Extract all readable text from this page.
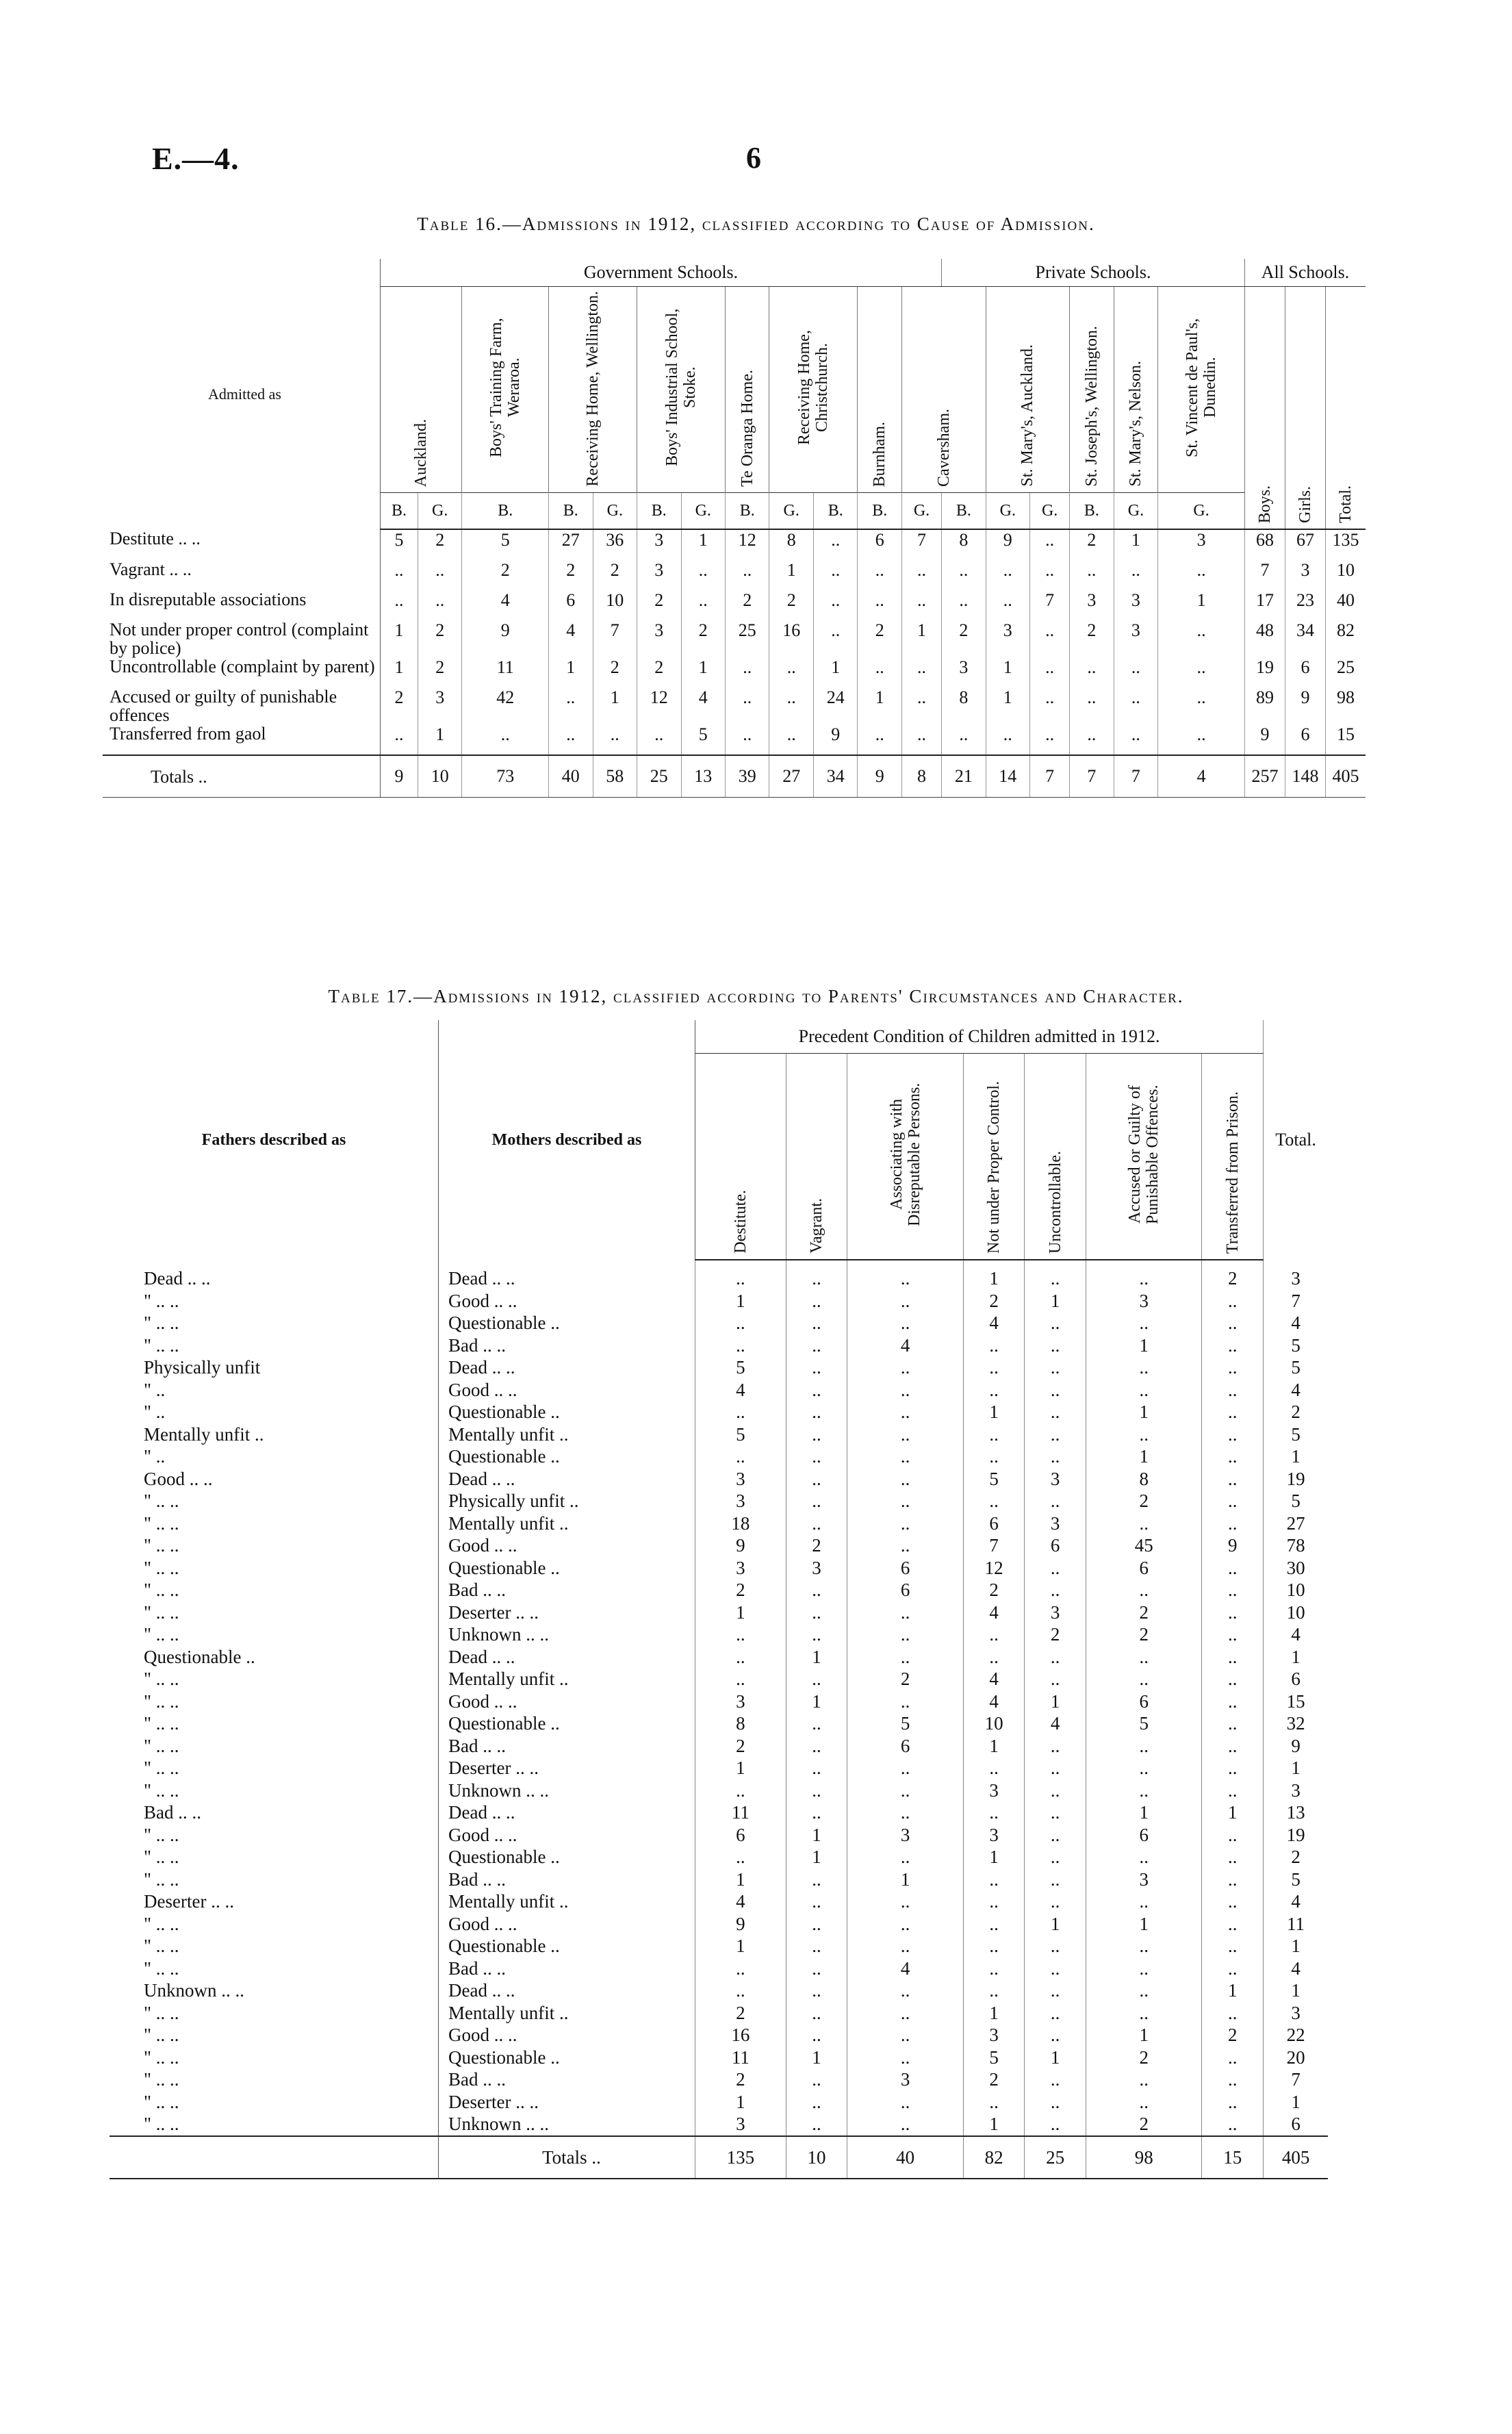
E.—4.	6
Table 16.—Admissions in 1912, classified according to Cause of Admission.
Admitted as	Government Schools.												Private Schools.						All Schools.		

	Auckland.		Boys' Training Farm, Weraroa.	Receiving Home, Wellington.		Boys' Industrial School, Stoke.		Te Oranga Home.	Receiving Home, Christchurch.		Burnham.	Caversham.		St. Mary's, Auckland.		St. Joseph's, Wellington.	St. Mary's, Nelson.	St. Vincent de Paul's, Dunedin.	Boys.	Girls.	Total.

	B.	G.	B.	B.	G.	B.	G.	B.	G.	B.	B.	G.	B.	G.	G.	B.	G.	G.			
Destitute .. ..	5	2	5	27	36	3	1	12	8	..	6	7	8	9	..	2	1	3	68	67	135
Vagrant .. ..	..	..	2	2	2	3	..	..	1	..	..	..	..	..	..	..	..	..	7	3	10
In disreputable associations	..	..	4	6	10	2	..	2	2	..	..	..	..	..	7	3	3	1	17	23	40
Not under proper control (complaint by police)	1	2	9	4	7	3	2	25	16	..	2	1	2	3	..	2	3	..	48	34	82
Uncontrollable (complaint by parent)	1	2	11	1	2	2	1	..	..	1	..	..	3	1	..	..	..	..	19	6	25
Accused or guilty of punishable offences	2	3	42	..	1	12	4	..	..	24	1	..	8	1	..	..	..	..	89	9	98
Transferred from gaol	..	1	..	..	..	..	5	..	..	9	..	..	..	..	..	..	..	..	9	6	15
Totals ..	9	10	73	40	58	25	13	39	27	34	9	8	21	14	7	7	7	4	257	148	405
Table 17.—Admissions in 1912, classified according to Parents' Circumstances and Character.
Fathers described as	Mothers described as	Precedent Condition of Children admitted in 1912.							Total.

		Destitute.	Vagrant.	Associating with Disreputable Persons.	Not under Proper Control.	Uncontrollable.	Accused or Guilty of Punishable Offences.	Transferred from Prison.	

Dead .. ..	Dead .. ..	..	..	..	1	..	..	2	3
" .. ..	Good .. ..	1	..	..	2	1	3	..	7
" .. ..	Questionable ..	..	..	..	4	..	..	..	4
" .. ..	Bad .. ..	..	..	4	..	..	1	..	5
Physically unfit	Dead .. ..	5	..	..	..	..	..	..	5
" ..	Good .. ..	4	..	..	..	..	..	..	4
" ..	Questionable ..	..	..	..	1	..	1	..	2
Mentally unfit ..	Mentally unfit ..	5	..	..	..	..	..	..	5
" ..	Questionable ..	..	..	..	..	..	1	..	1
Good .. ..	Dead .. ..	3	..	..	5	3	8	..	19
" .. ..	Physically unfit ..	3	..	..	..	..	2	..	5
" .. ..	Mentally unfit ..	18	..	..	6	3	..	..	27
" .. ..	Good .. ..	9	2	..	7	6	45	9	78
" .. ..	Questionable ..	3	3	6	12	..	6	..	30
" .. ..	Bad .. ..	2	..	6	2	..	..	..	10
" .. ..	Deserter .. ..	1	..	..	4	3	2	..	10
" .. ..	Unknown .. ..	..	..	..	..	2	2	..	4
Questionable ..	Dead .. ..	..	1	..	..	..	..	..	1
" .. ..	Mentally unfit ..	..	..	2	4	..	..	..	6
" .. ..	Good .. ..	3	1	..	4	1	6	..	15
" .. ..	Questionable ..	8	..	5	10	4	5	..	32
" .. ..	Bad .. ..	2	..	6	1	..	..	..	9
" .. ..	Deserter .. ..	1	..	..	..	..	..	..	1
" .. ..	Unknown .. ..	..	..	..	3	..	..	..	3
Bad .. ..	Dead .. ..	11	..	..	..	..	1	1	13
" .. ..	Good .. ..	6	1	3	3	..	6	..	19
" .. ..	Questionable ..	..	1	..	1	..	..	..	2
" .. ..	Bad .. ..	1	..	1	..	..	3	..	5
Deserter .. ..	Mentally unfit ..	4	..	..	..	..	..	..	4
" .. ..	Good .. ..	9	..	..	..	1	1	..	11
" .. ..	Questionable ..	1	..	..	..	..	..	..	1
" .. ..	Bad .. ..	..	..	4	..	..	..	..	4
Unknown .. ..	Dead .. ..	..	..	..	..	..	..	1	1
" .. ..	Mentally unfit ..	2	..	..	1	..	..	..	3
" .. ..	Good .. ..	16	..	..	3	..	1	2	22
" .. ..	Questionable ..	11	1	..	5	1	2	..	20
" .. ..	Bad .. ..	2	..	3	2	..	..	..	7
" .. ..	Deserter .. ..	1	..	..	..	..	..	..	1
" .. ..	Unknown .. ..	3	..	..	1	..	2	..	6
	Totals ..	135	10	40	82	25	98	15	405
